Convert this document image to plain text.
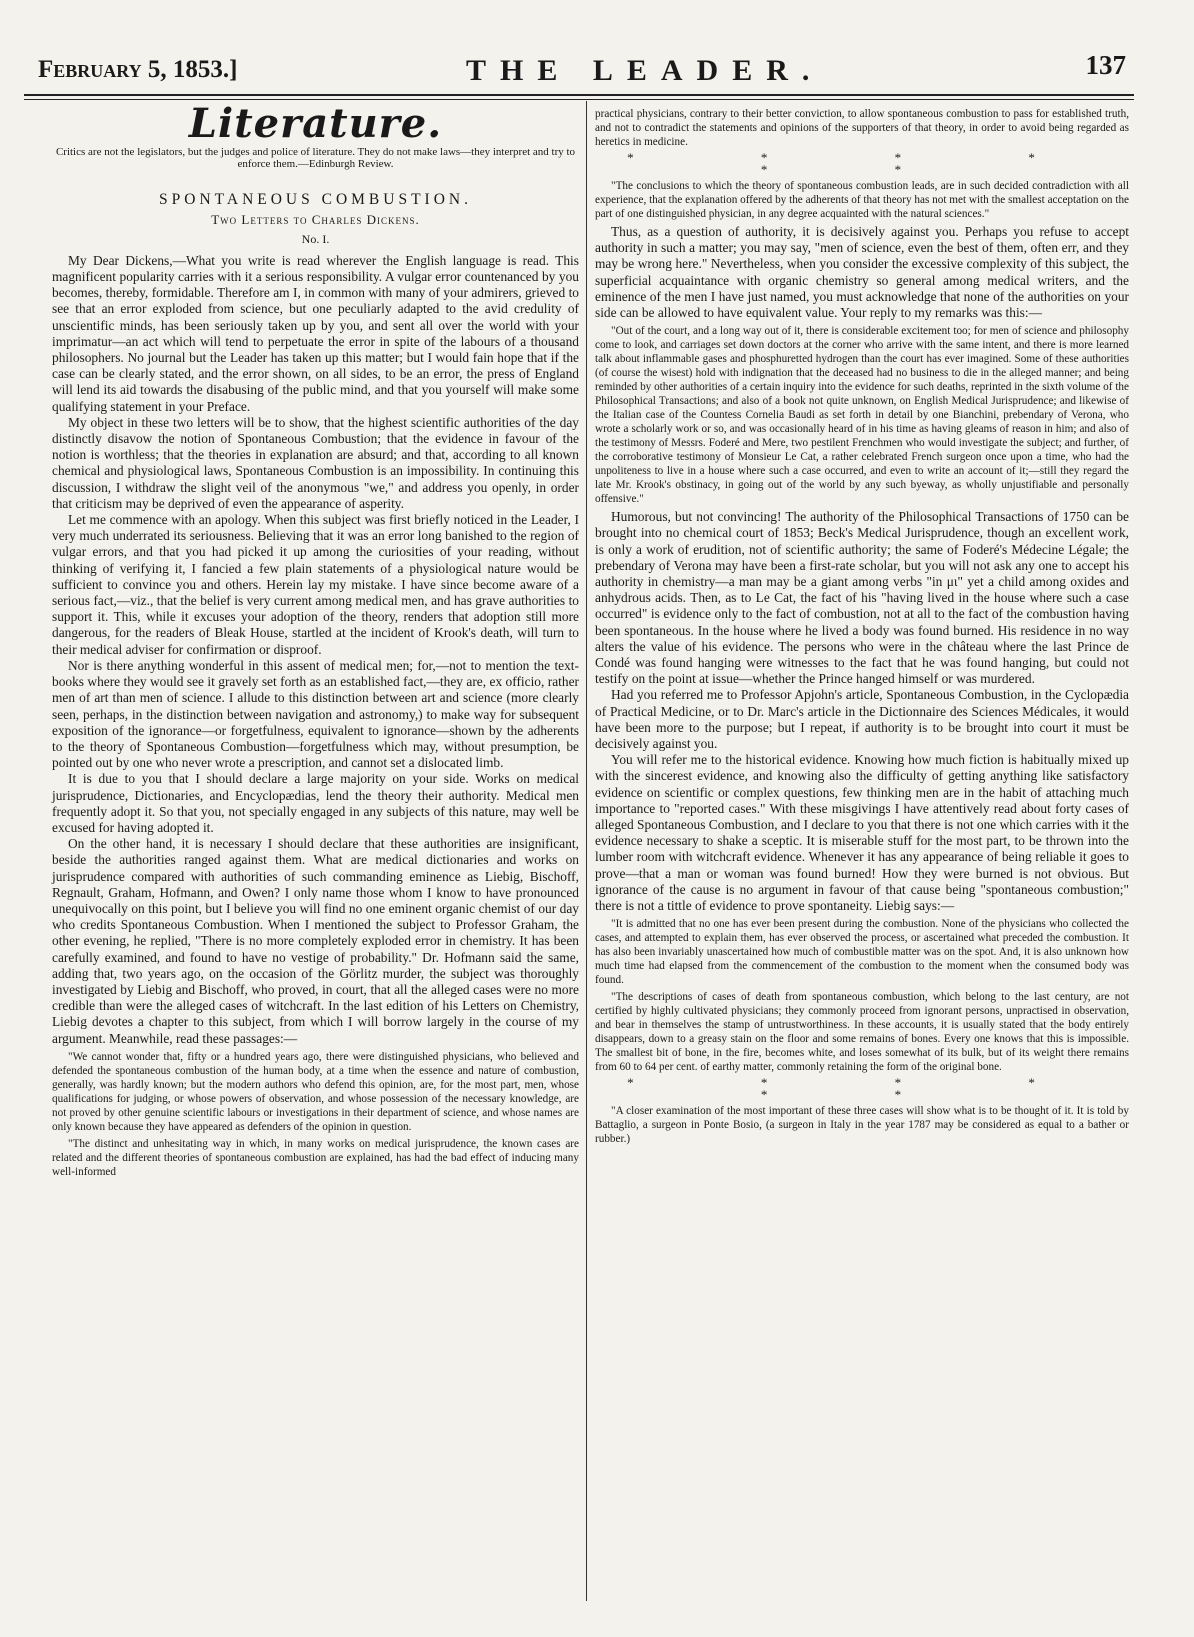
February 5, 1853.]	THE LEADER.	137
Literature.
Critics are not the legislators, but the judges and police of literature. They do not make laws—they interpret and try to enforce them.—Edinburgh Review.
SPONTANEOUS COMBUSTION.
Two Letters to Charles Dickens.
No. I.

My Dear Dickens,—What you write is read wherever the English language is read. This magnificent popularity carries with it a serious responsibility. A vulgar error countenanced by you becomes, thereby, formidable. Therefore am I, in common with many of your admirers, grieved to see that an error exploded from science, but one peculiarly adapted to the avid credulity of unscientific minds, has been seriously taken up by you, and sent all over the world with your imprimatur—an act which will tend to perpetuate the error in spite of the labours of a thousand philosophers. No journal but the Leader has taken up this matter; but I would fain hope that if the case can be clearly stated, and the error shown, on all sides, to be an error, the press of England will lend its aid towards the disabusing of the public mind, and that you yourself will make some qualifying statement in your Preface.

My object in these two letters will be to show, that the highest scientific authorities of the day distinctly disavow the notion of Spontaneous Combustion; that the evidence in favour of the notion is worthless; that the theories in explanation are absurd; and that, according to all known chemical and physiological laws, Spontaneous Combustion is an impossibility. In continuing this discussion, I withdraw the slight veil of the anonymous "we," and address you openly, in order that criticism may be deprived of even the appearance of asperity.

Let me commence with an apology. When this subject was first briefly noticed in the Leader, I very much underrated its seriousness. Believing that it was an error long banished to the region of vulgar errors, and that you had picked it up among the curiosities of your reading, without thinking of verifying it, I fancied a few plain statements of a physiological nature would be sufficient to convince you and others. Herein lay my mistake. I have since become aware of a serious fact,—viz., that the belief is very current among medical men, and has grave authorities to support it. This, while it excuses your adoption of the theory, renders that adoption still more dangerous, for the readers of Bleak House, startled at the incident of Krook's death, will turn to their medical adviser for confirmation or disproof.

Nor is there anything wonderful in this assent of medical men; for,—not to mention the text-books where they would see it gravely set forth as an established fact,—they are, ex officio, rather men of art than men of science. I allude to this distinction between art and science (more clearly seen, perhaps, in the distinction between navigation and astronomy,) to make way for subsequent exposition of the ignorance—or forgetfulness, equivalent to ignorance—shown by the adherents to the theory of Spontaneous Combustion—forgetfulness which may, without presumption, be pointed out by one who never wrote a prescription, and cannot set a dislocated limb.

It is due to you that I should declare a large majority on your side. Works on medical jurisprudence, Dictionaries, and Encyclopædias, lend the theory their authority. Medical men frequently adopt it. So that you, not specially engaged in any subjects of this nature, may well be excused for having adopted it.

On the other hand, it is necessary I should declare that these authorities are insignificant, beside the authorities ranged against them. What are medical dictionaries and works on jurisprudence compared with authorities of such commanding eminence as Liebig, Bischoff, Regnault, Graham, Hofmann, and Owen? I only name those whom I know to have pronounced unequivocally on this point, but I believe you will find no one eminent organic chemist of our day who credits Spontaneous Combustion. When I mentioned the subject to Professor Graham, the other evening, he replied, "There is no more completely exploded error in chemistry. It has been carefully examined, and found to have no vestige of probability." Dr. Hofmann said the same, adding that, two years ago, on the occasion of the Görlitz murder, the subject was thoroughly investigated by Liebig and Bischoff, who proved, in court, that all the alleged cases were no more credible than were the alleged cases of witchcraft. In the last edition of his Letters on Chemistry, Liebig devotes a chapter to this subject, from which I will borrow largely in the course of my argument. Meanwhile, read these passages:—

"We cannot wonder that, fifty or a hundred years ago, there were distinguished physicians, who believed and defended the spontaneous combustion of the human body, at a time when the essence and nature of combustion, generally, was hardly known; but the modern authors who defend this opinion, are, for the most part, men, whose qualifications for judging, or whose powers of observation, and whose possession of the necessary knowledge, are not proved by other genuine scientific labours or investigations in their department of science, and whose names are only known because they have appeared as defenders of the opinion in question.

"The distinct and unhesitating way in which, in many works on medical jurisprudence, the known cases are related and the different theories of spontaneous combustion are explained, has had the bad effect of inducing many well-informed

practical physicians, contrary to their better conviction, to allow spontaneous combustion to pass for established truth, and not to contradict the statements and opinions of the supporters of that theory, in order to avoid being regarded as heretics in medicine.

* * * * * *

"The conclusions to which the theory of spontaneous combustion leads, are in such decided contradiction with all experience, that the explanation offered by the adherents of that theory has not met with the smallest acceptation on the part of one distinguished physician, in any degree acquainted with the natural sciences."

Thus, as a question of authority, it is decisively against you. Perhaps you refuse to accept authority in such a matter; you may say, "men of science, even the best of them, often err, and they may be wrong here." Nevertheless, when you consider the excessive complexity of this subject, the superficial acquaintance with organic chemistry so general among medical writers, and the eminence of the men I have just named, you must acknowledge that none of the authorities on your side can be allowed to have equivalent value. Your reply to my remarks was this:—

"Out of the court, and a long way out of it, there is considerable excitement too; for men of science and philosophy come to look, and carriages set down doctors at the corner who arrive with the same intent, and there is more learned talk about inflammable gases and phosphuretted hydrogen than the court has ever imagined. Some of these authorities (of course the wisest) hold with indignation that the deceased had no business to die in the alleged manner; and being reminded by other authorities of a certain inquiry into the evidence for such deaths, reprinted in the sixth volume of the Philosophical Transactions; and also of a book not quite unknown, on English Medical Jurisprudence; and likewise of the Italian case of the Countess Cornelia Baudi as set forth in detail by one Bianchini, prebendary of Verona, who wrote a scholarly work or so, and was occasionally heard of in his time as having gleams of reason in him; and also of the testimony of Messrs. Foderé and Mere, two pestilent Frenchmen who would investigate the subject; and further, of the corroborative testimony of Monsieur Le Cat, a rather celebrated French surgeon once upon a time, who had the unpoliteness to live in a house where such a case occurred, and even to write an account of it;—still they regard the late Mr. Krook's obstinacy, in going out of the world by any such byeway, as wholly unjustifiable and personally offensive."

Humorous, but not convincing! The authority of the Philosophical Transactions of 1750 can be brought into no chemical court of 1853; Beck's Medical Jurisprudence, though an excellent work, is only a work of erudition, not of scientific authority; the same of Foderé's Médecine Légale; the prebendary of Verona may have been a first-rate scholar, but you will not ask any one to accept his authority in chemistry—a man may be a giant among verbs "in μι" yet a child among oxides and anhydrous acids. Then, as to Le Cat, the fact of his "having lived in the house where such a case occurred" is evidence only to the fact of combustion, not at all to the fact of the combustion having been spontaneous. In the house where he lived a body was found burned. His residence in no way alters the value of his evidence. The persons who were in the château where the last Prince de Condé was found hanging were witnesses to the fact that he was found hanging, but could not testify on the point at issue—whether the Prince hanged himself or was murdered.

Had you referred me to Professor Apjohn's article, Spontaneous Combustion, in the Cyclopædia of Practical Medicine, or to Dr. Marc's article in the Dictionnaire des Sciences Médicales, it would have been more to the purpose; but I repeat, if authority is to be brought into court it must be decisively against you.

You will refer me to the historical evidence. Knowing how much fiction is habitually mixed up with the sincerest evidence, and knowing also the difficulty of getting anything like satisfactory evidence on scientific or complex questions, few thinking men are in the habit of attaching much importance to "reported cases." With these misgivings I have attentively read about forty cases of alleged Spontaneous Combustion, and I declare to you that there is not one which carries with it the evidence necessary to shake a sceptic. It is miserable stuff for the most part, to be thrown into the lumber room with witchcraft evidence. Whenever it has any appearance of being reliable it goes to prove—that a man or woman was found burned! How they were burned is not obvious. But ignorance of the cause is no argument in favour of that cause being "spontaneous combustion;" there is not a tittle of evidence to prove spontaneity. Liebig says:—

"It is admitted that no one has ever been present during the combustion. None of the physicians who collected the cases, and attempted to explain them, has ever observed the process, or ascertained what preceded the combustion. It has also been invariably unascertained how much of combustible matter was on the spot. And, it is also unknown how much time had elapsed from the commencement of the combustion to the moment when the consumed body was found.

"The descriptions of cases of death from spontaneous combustion, which belong to the last century, are not certified by highly cultivated physicians; they commonly proceed from ignorant persons, unpractised in observation, and bear in themselves the stamp of untrustworthiness. In these accounts, it is usually stated that the body entirely disappears, down to a greasy stain on the floor and some remains of bones. Every one knows that this is impossible. The smallest bit of bone, in the fire, becomes white, and loses somewhat of its bulk, but of its weight there remains from 60 to 64 per cent. of earthy matter, commonly retaining the form of the original bone.

* * * * * *

"A closer examination of the most important of these three cases will show what is to be thought of it. It is told by Battaglio, a surgeon in Ponte Bosio, (a surgeon in Italy in the year 1787 may be considered as equal to a bather or rubber.)
